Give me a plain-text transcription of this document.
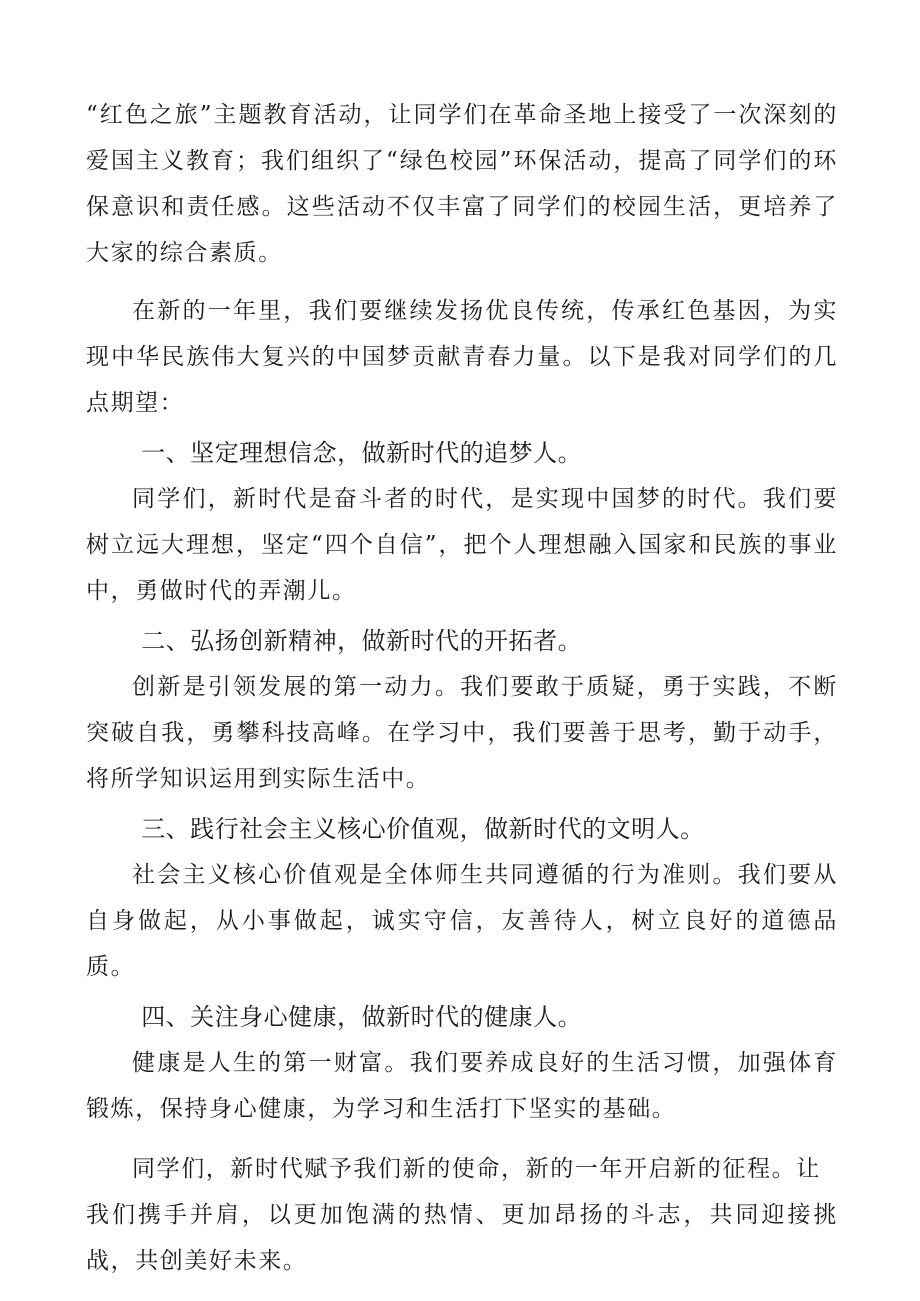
“红色之旅”主题教育活动，让同学们在革命圣地上接受了一次深刻的爱国主义教育；我们组织了“绿色校园”环保活动，提高了同学们的环保意识和责任感。这些活动不仅丰富了同学们的校园生活，更培养了大家的综合素质。

在新的一年里，我们要继续发扬优良传统，传承红色基因，为实现中华民族伟大复兴的中国梦贡献青春力量。以下是我对同学们的几点期望：

一、坚定理想信念，做新时代的追梦人。

同学们，新时代是奋斗者的时代，是实现中国梦的时代。我们要树立远大理想，坚定“四个自信”，把个人理想融入国家和民族的事业中，勇做时代的弄潮儿。

二、弘扬创新精神，做新时代的开拓者。

创新是引领发展的第一动力。我们要敢于质疑，勇于实践，不断突破自我，勇攀科技高峰。在学习中，我们要善于思考，勤于动手，将所学知识运用到实际生活中。

三、践行社会主义核心价值观，做新时代的文明人。

社会主义核心价值观是全体师生共同遵循的行为准则。我们要从自身做起，从小事做起，诚实守信，友善待人，树立良好的道德品质。

四、关注身心健康，做新时代的健康人。

健康是人生的第一财富。我们要养成良好的生活习惯，加强体育锻炼，保持身心健康，为学习和生活打下坚实的基础。

同学们，新时代赋予我们新的使命，新的一年开启新的征程。让

我们携手并肩，以更加饱满的热情、更加昂扬的斗志，共同迎接挑战，共创美好未来。
